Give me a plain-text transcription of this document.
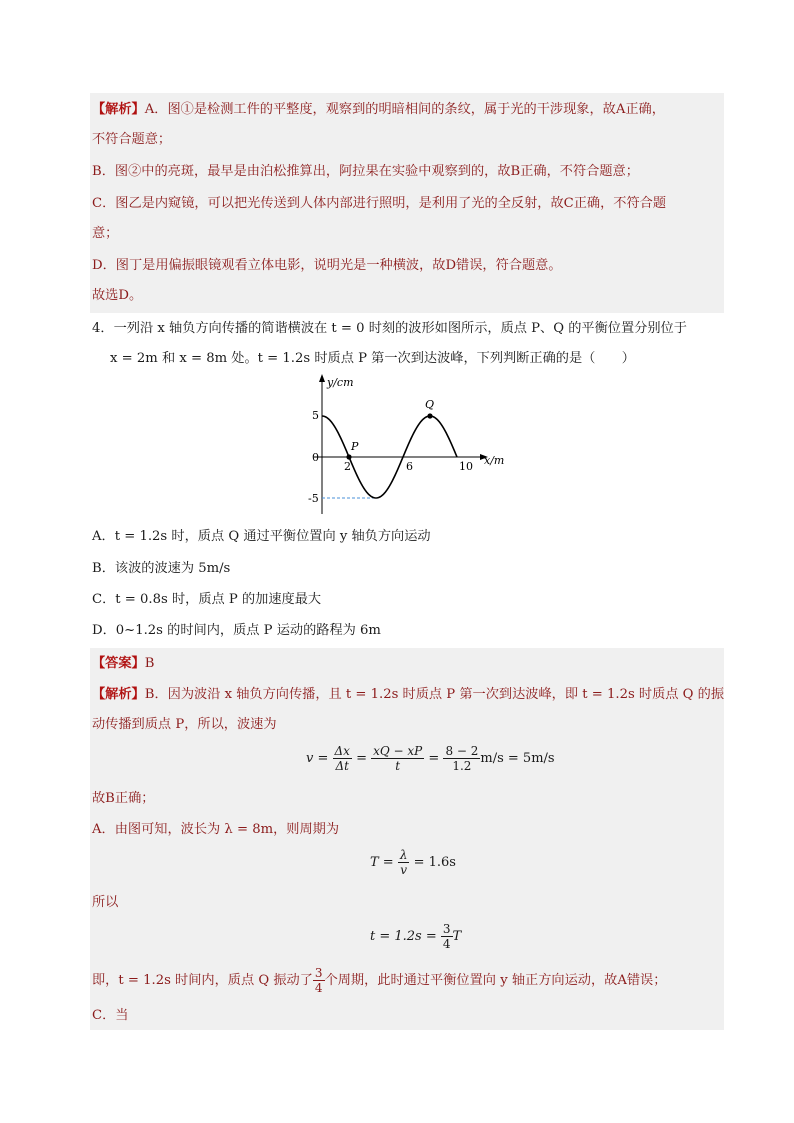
【解析】A．图①是检测工件的平整度，观察到的明暗相间的条纹，属于光的干涉现象，故A正确，
不符合题意；
B．图②中的亮斑，最早是由泊松推算出，阿拉果在实验中观察到的，故B正确，不符合题意；
C．图乙是内窥镜，可以把光传送到人体内部进行照明，是利用了光的全反射，故C正确，不符合题
意；
D．图丁是用偏振眼镜观看立体电影，说明光是一种横波，故D错误，符合题意。
故选D。
4．一列沿 x 轴负方向传播的简谐横波在 t = 0 时刻的波形如图所示，质点 P、Q 的平衡位置分别位于
x = 2m 和 x = 8m 处。t = 1.2s 时质点 P 第一次到达波峰，下列判断正确的是（　　）
y/cm
x/m
5
0
-5
2	6	10
P
Q
A．t = 1.2s 时，质点 Q 通过平衡位置向 y 轴负方向运动
B．该波的波速为 5m/s
C．t = 0.8s 时，质点 P 的加速度最大
D．0~1.2s 的时间内，质点 P 运动的路程为 6m
【答案】B
【解析】B．因为波沿 x 轴负方向传播，且 t = 1.2s 时质点 P 第一次到达波峰，即 t = 1.2s 时质点 Q 的振
动传播到质点 P，所以，波速为
$v = \frac{\Delta x}{\Delta t} = \frac{xQ - xP}{t} = \frac{8 - 2}{1.2} m/s = 5m/s$
故B正确；
A．由图可知，波长为 λ = 8m，则周期为
$T = \frac{\lambda}{v} = 1.6s$
所以
$t = 1.2s = \frac{3}{4}$ T
即，t = 1.2s 时间内，质点 Q 振动了 $\frac{3}{4}$ 个周期，此时通过平衡位置向 y 轴正方向运动，故A错误；
C．当
